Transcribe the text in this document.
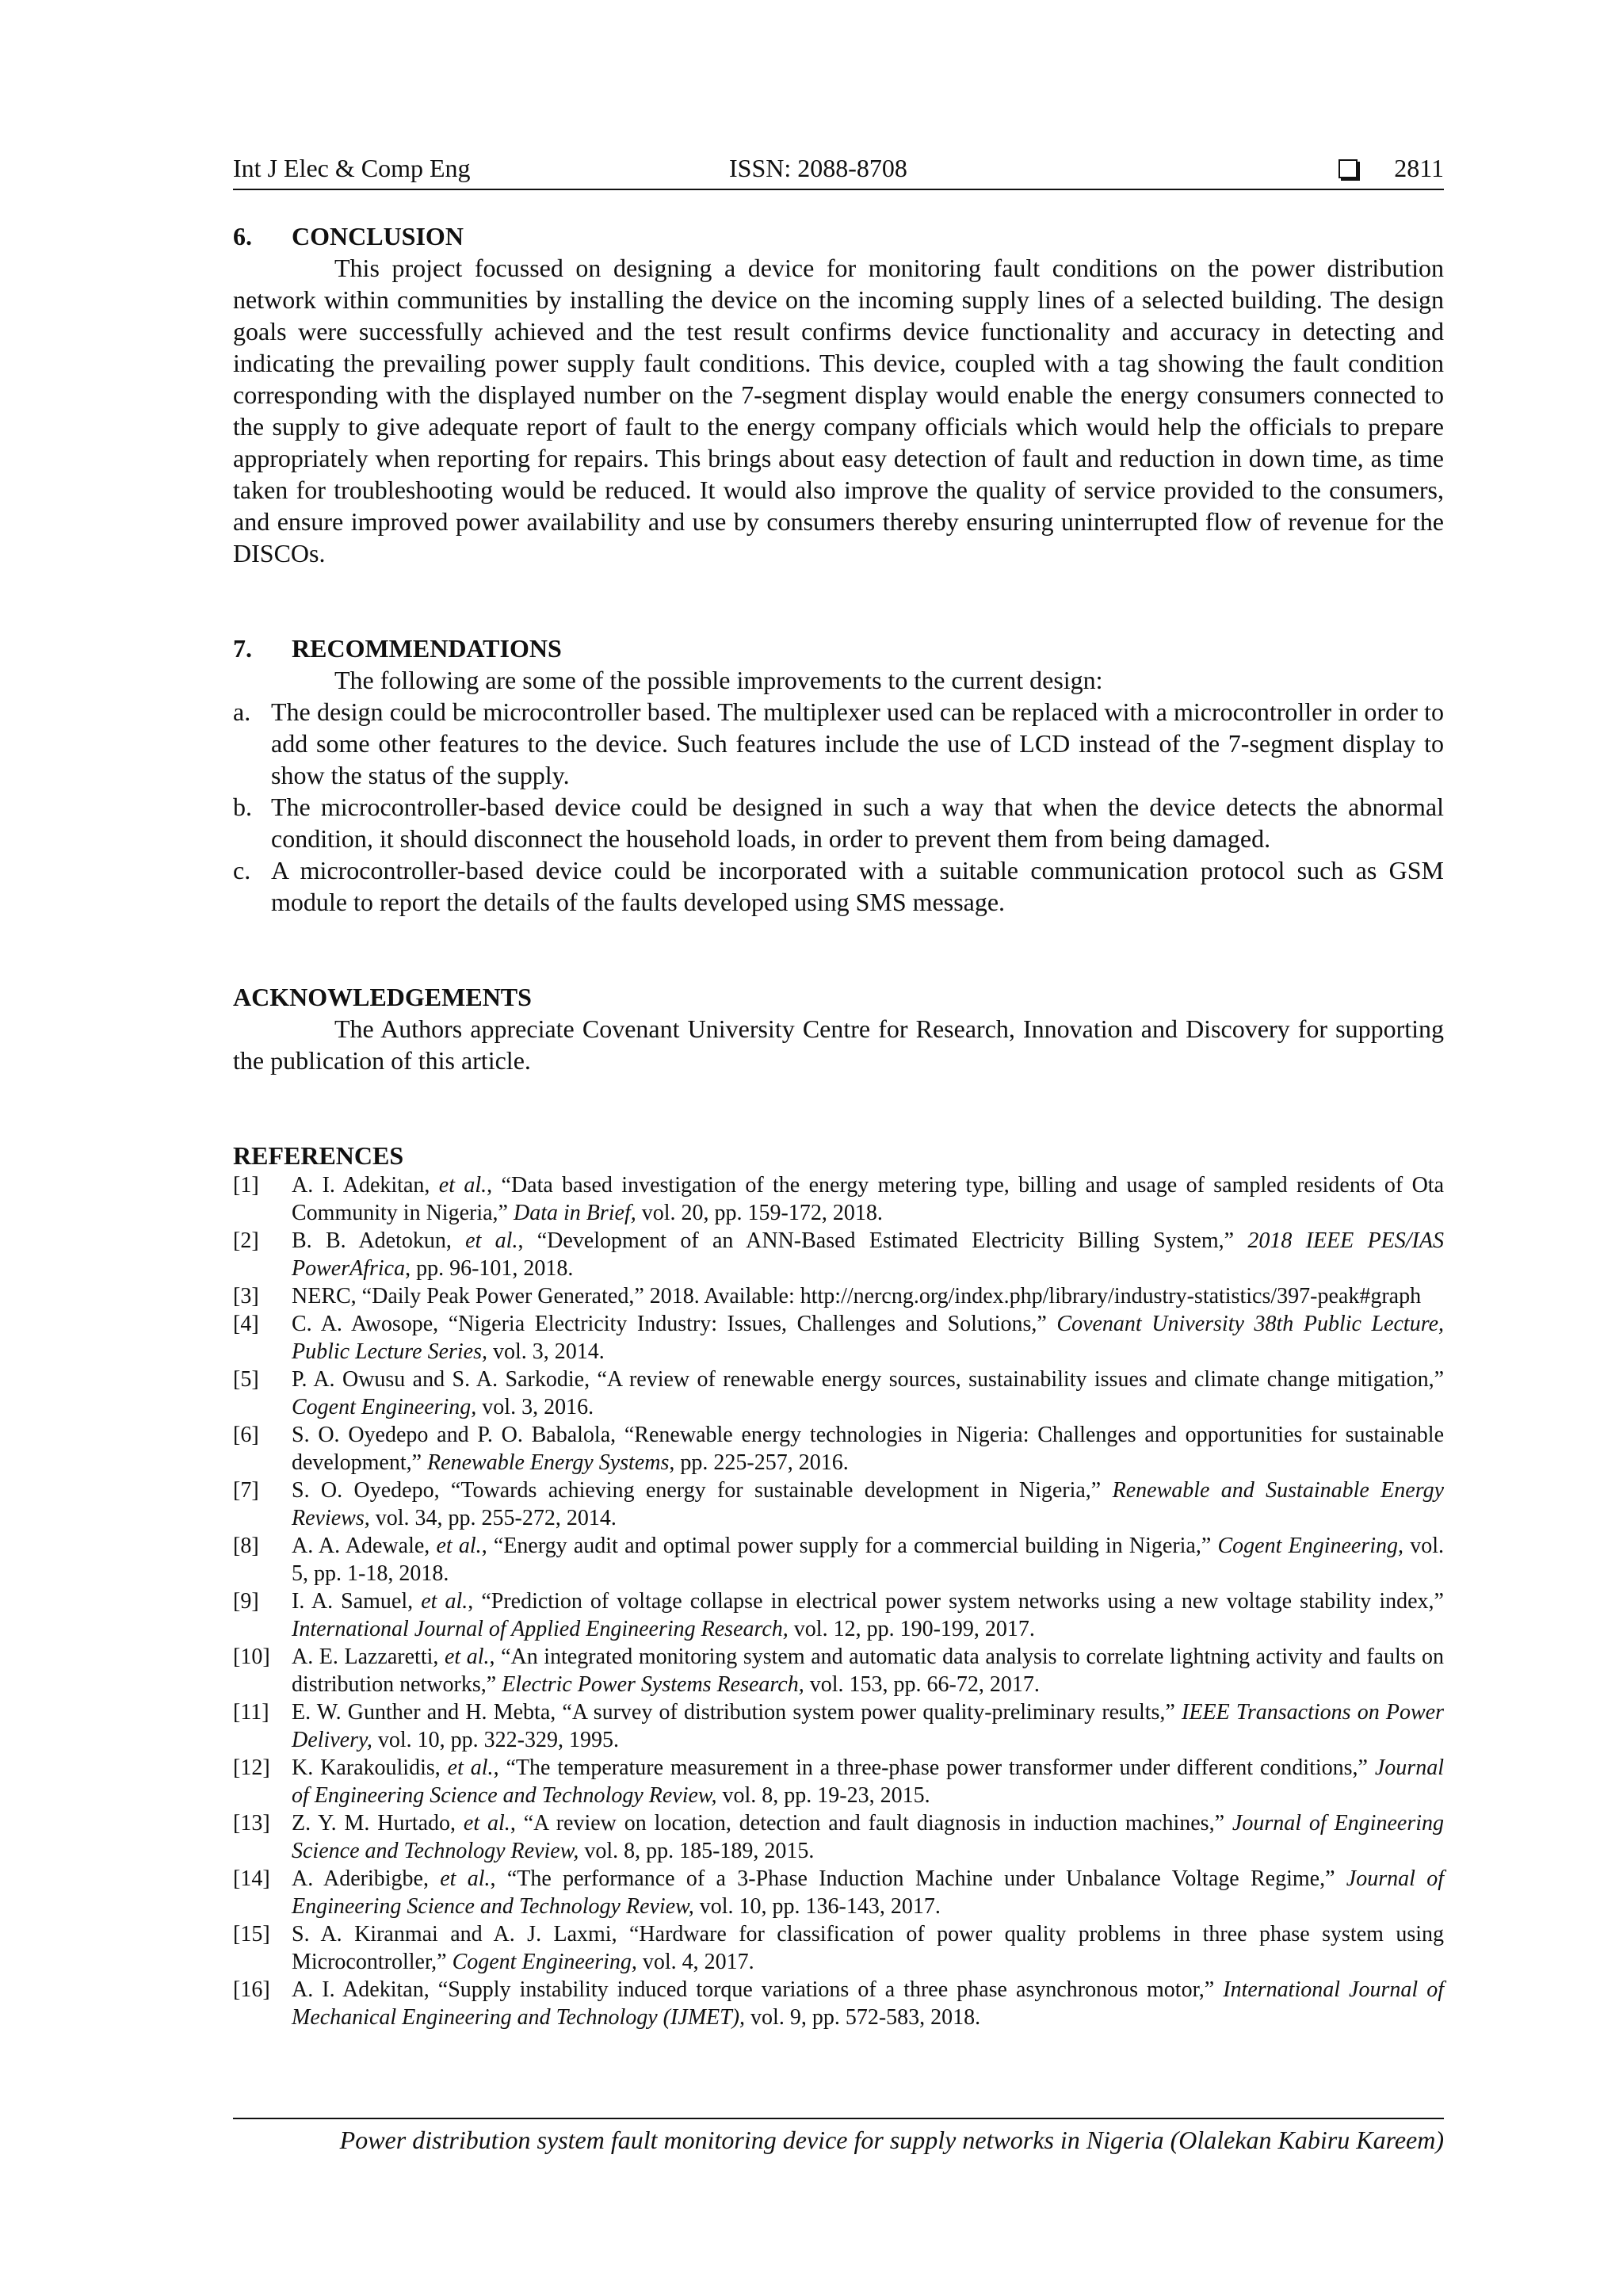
Int J Elec & Comp Eng	ISSN: 2088-8708	2811
6.	CONCLUSION

This project focussed on designing a device for monitoring fault conditions on the power distribution network within communities by installing the device on the incoming supply lines of a selected building. The design goals were successfully achieved and the test result confirms device functionality and accuracy in detecting and indicating the prevailing power supply fault conditions. This device, coupled with a tag showing the fault condition corresponding with the displayed number on the 7-segment display would enable the energy consumers connected to the supply to give adequate report of fault to the energy company officials which would help the officials to prepare appropriately when reporting for repairs. This brings about easy detection of fault and reduction in down time, as time taken for troubleshooting would be reduced. It would also improve the quality of service provided to the consumers, and ensure improved power availability and use by consumers thereby ensuring uninterrupted flow of revenue for the DISCOs.

7.	RECOMMENDATIONS

The following are some of the possible improvements to the current design:

a. The design could be microcontroller based. The multiplexer used can be replaced with a microcontroller in order to add some other features to the device. Such features include the use of LCD instead of the 7-segment display to show the status of the supply.
b. The microcontroller-based device could be designed in such a way that when the device detects the abnormal condition, it should disconnect the household loads, in order to prevent them from being damaged.
c. A microcontroller-based device could be incorporated with a suitable communication protocol such as GSM module to report the details of the faults developed using SMS message.
ACKNOWLEDGEMENTS

The Authors appreciate Covenant University Centre for Research, Innovation and Discovery for supporting the publication of this article.

REFERENCES
[1]	A. I. Adekitan, et al., “Data based investigation of the energy metering type, billing and usage of sampled residents of Ota Community in Nigeria,” Data in Brief, vol. 20, pp. 159-172, 2018.
[2]	B. B. Adetokun, et al., “Development of an ANN-Based Estimated Electricity Billing System,” 2018 IEEE PES/IAS PowerAfrica, pp. 96-101, 2018.
[3]	NERC, “Daily Peak Power Generated,” 2018. Available: http://nercng.org/index.php/library/industry-statistics/397-peak#graph
[4]	C. A. Awosope, “Nigeria Electricity Industry: Issues, Challenges and Solutions,” Covenant University 38th Public Lecture, Public Lecture Series, vol. 3, 2014.
[5]	P. A. Owusu and S. A. Sarkodie, “A review of renewable energy sources, sustainability issues and climate change mitigation,” Cogent Engineering, vol. 3, 2016.
[6]	S. O. Oyedepo and P. O. Babalola, “Renewable energy technologies in Nigeria: Challenges and opportunities for sustainable development,” Renewable Energy Systems, pp. 225-257, 2016.
[7]	S. O. Oyedepo, “Towards achieving energy for sustainable development in Nigeria,” Renewable and Sustainable Energy Reviews, vol. 34, pp. 255-272, 2014.
[8]	A. A. Adewale, et al., “Energy audit and optimal power supply for a commercial building in Nigeria,” Cogent Engineering, vol. 5, pp. 1-18, 2018.
[9]	I. A. Samuel, et al., “Prediction of voltage collapse in electrical power system networks using a new voltage stability index,” International Journal of Applied Engineering Research, vol. 12, pp. 190-199, 2017.
[10] A. E. Lazzaretti, et al., “An integrated monitoring system and automatic data analysis to correlate lightning activity and faults on distribution networks,” Electric Power Systems Research, vol. 153, pp. 66-72, 2017.
[11]	E. W. Gunther and H. Mebta, “A survey of distribution system power quality-preliminary results,” IEEE Transactions on Power Delivery, vol. 10, pp. 322-329, 1995.
[12] K. Karakoulidis, et al., “The temperature measurement in a three-phase power transformer under different conditions,” Journal of Engineering Science and Technology Review, vol. 8, pp. 19-23, 2015.
[13] Z. Y. M. Hurtado, et al., “A review on location, detection and fault diagnosis in induction machines,” Journal of Engineering Science and Technology Review, vol. 8, pp. 185-189, 2015.
[14] A. Aderibigbe, et al., “The performance of a 3-Phase Induction Machine under Unbalance Voltage Regime,” Journal of Engineering Science and Technology Review, vol. 10, pp. 136-143, 2017.
[15] S. A. Kiranmai and A. J. Laxmi, “Hardware for classification of power quality problems in three phase system using Microcontroller,” Cogent Engineering, vol. 4, 2017.
[16] A. I. Adekitan, “Supply instability induced torque variations of a three phase asynchronous motor,” International Journal of Mechanical Engineering and Technology (IJMET), vol. 9, pp. 572-583, 2018.
Power distribution system fault monitoring device for supply networks in Nigeria (Olalekan Kabiru Kareem)
